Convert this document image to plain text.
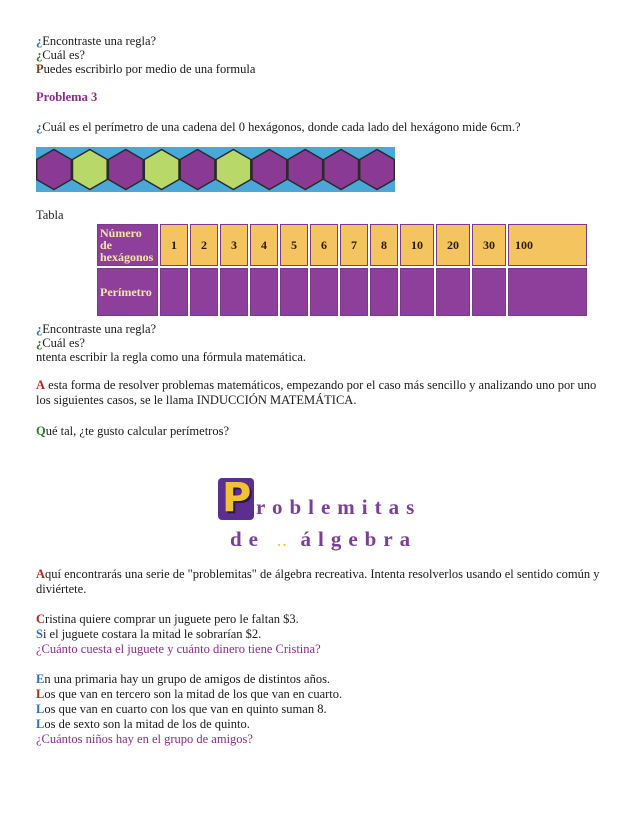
¿Encontraste una regla?
¿Cuál es?
Puedes escribirlo por medio de una formula
Problema 3
¿Cuál es el perímetro de una cadena del 0 hexágonos, donde cada lado del hexágono mide 6cm.?
Tabla
Número de hexágonos	1	2	3	4	5	6	7	8	10	20	30	100
Perímetro												
¿Encontraste una regla?
¿Cuál es?
ntenta escribir la regla como una fórmula matemática.
A esta forma de resolver problemas matemáticos, empezando por el caso más sencillo y analizando uno por uno los siguientes casos, se le llama INDUCCIÓN MATEMÁTICA.
Qué tal, ¿te gusto calcular perímetros?
P roblemitas
de .. álgebra
Aquí encontrarás una serie de "problemitas" de álgebra recreativa. Intenta resolverlos usando el sentido común y diviértete.
Cristina quiere comprar un juguete pero le faltan $3.
Si el juguete costara la mitad le sobrarían $2.
¿Cuánto cuesta el juguete y cuánto dinero tiene Cristina?
En una primaria hay un grupo de amigos de distintos años.
Los que van en tercero son la mitad de los que van en cuarto.
Los que van en cuarto con los que van en quinto suman 8.
Los de sexto son la mitad de los de quinto.
¿Cuántos niños hay en el grupo de amigos?
